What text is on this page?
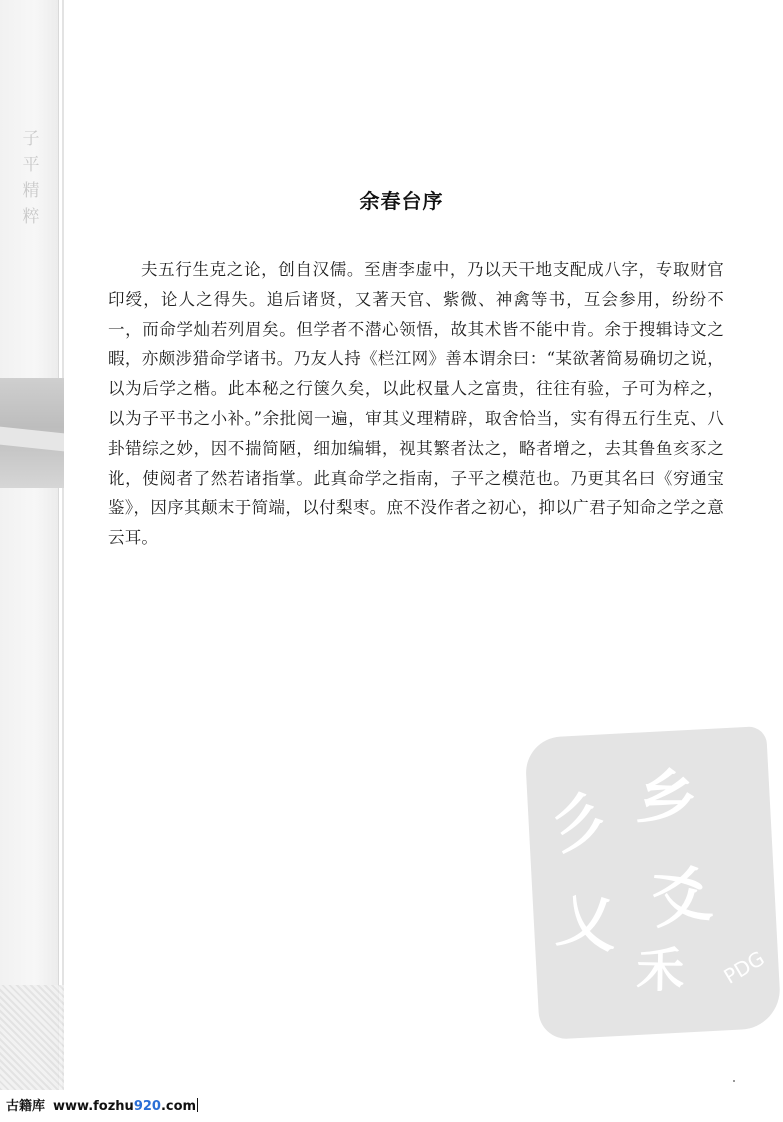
子
平
精
粹
余春台序

夫五行生克之论，创自汉儒。至唐李虚中，乃以天干地支配成八字，专取财官印绶，论人之得失。追后诸贤，又著天官、紫微、神禽等书，互会参用，纷纷不一，而命学灿若列眉矣。但学者不潜心领悟，故其术皆不能中肯。余于搜辑诗文之暇，亦颇涉猎命学诸书。乃友人持《栏江网》善本谓余曰：“某欲著简易确切之说，以为后学之楷。此本秘之行箧久矣，以此权量人之富贵，往往有验，子可为梓之，以为子平书之小补。”余批阅一遍，审其义理精辟，取舍恰当，实有得五行生克、八卦错综之妙，因不揣简陋，细加编辑，视其繁者汰之，略者增之，去其鲁鱼亥豕之讹，使阅者了然若诸指掌。此真命学之指南，子平之模范也。乃更其名曰《穷通宝鉴》，因序其颠末于简端，以付梨枣。庶不没作者之初心，抑以广君子知命之学之意云耳。

彡 乡
乂 爻
禾 PDG
古籍库 www.fozhu920.com
